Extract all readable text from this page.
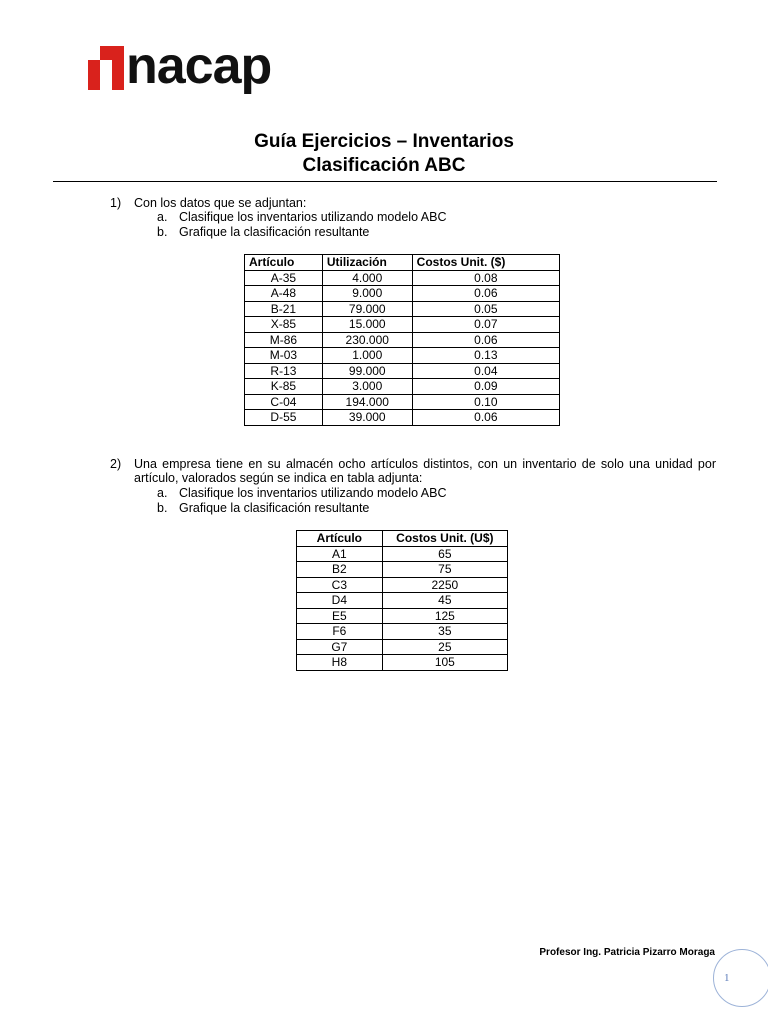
nacap
Guía Ejercicios – Inventarios
Clasificación ABC
1) Con los datos que se adjuntan:
a. Clasifique los inventarios utilizando modelo ABC
b. Grafique la clasificación resultante
Artículo	Utilización	Costos Unit. ($)
A-35	4.000	0.08
A-48	9.000	0.06
B-21	79.000	0.05
X-85	15.000	0.07
M-86	230.000	0.06
M-03	1.000	0.13
R-13	99.000	0.04
K-85	3.000	0.09
C-04	194.000	0.10
D-55	39.000	0.06
2) Una empresa tiene en su almacén ocho artículos distintos, con un inventario de solo una unidad por artículo, valorados según se indica en tabla adjunta:
a. Clasifique los inventarios utilizando modelo ABC
b. Grafique la clasificación resultante
Artículo	Costos Unit. (U$)
A1	65
B2	75
C3	2250
D4	45
E5	125
F6	35
G7	25
H8	105
Profesor Ing. Patricia Pizarro Moraga
1
